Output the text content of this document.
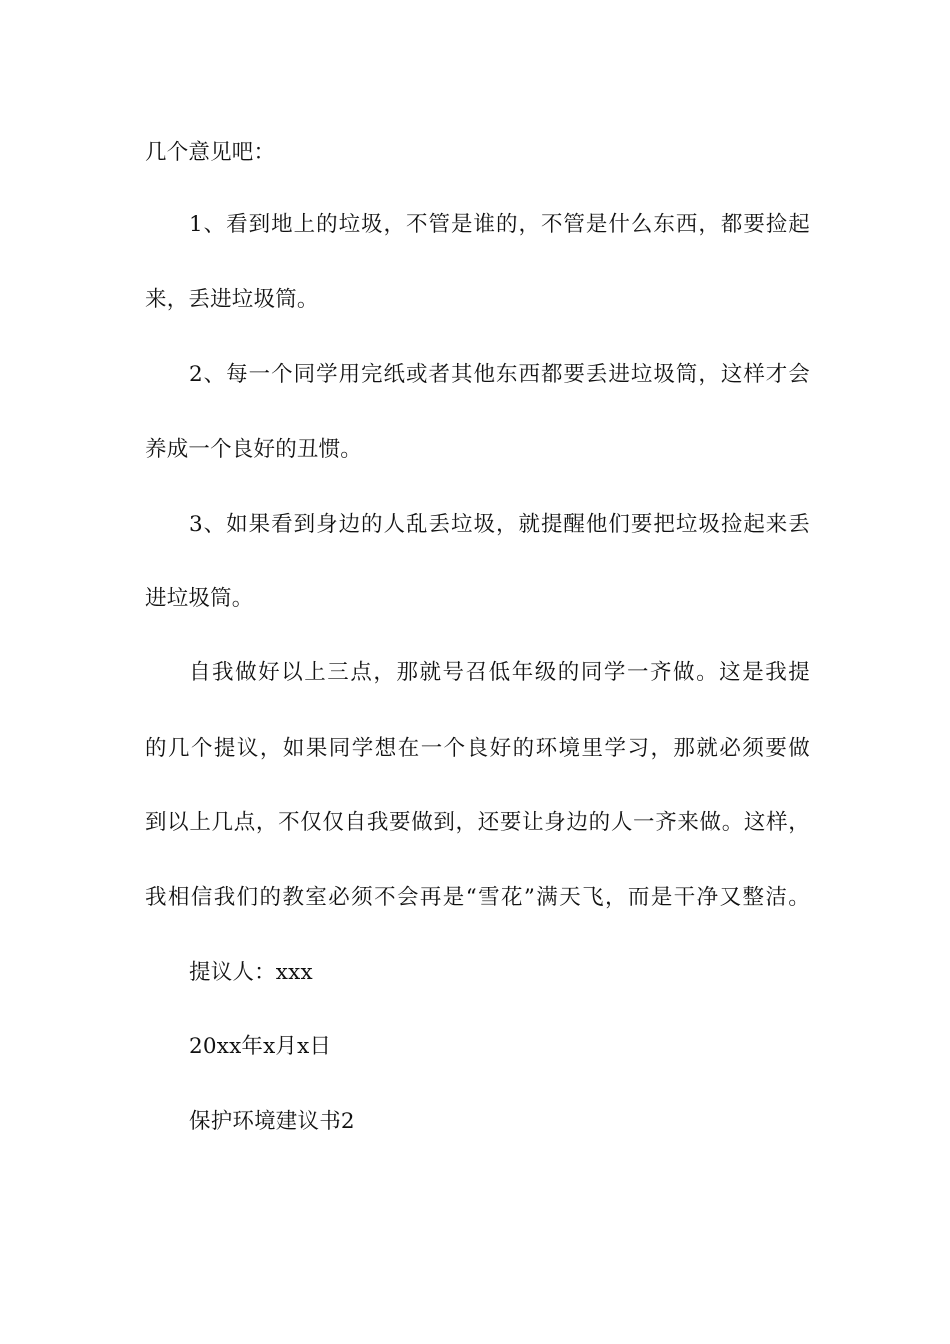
几个意见吧：

1、看到地上的垃圾，不管是谁的，不管是什么东西，都要捡起

来，丢进垃圾筒。

2、每一个同学用完纸或者其他东西都要丢进垃圾筒，这样才会

养成一个良好的丑惯。

3、如果看到身边的人乱丢垃圾，就提醒他们要把垃圾捡起来丢

进垃圾筒。

自我做好以上三点，那就号召低年级的同学一齐做。这是我提

的几个提议，如果同学想在一个良好的环境里学习，那就必须要做

到以上几点，不仅仅自我要做到，还要让身边的人一齐来做。这样，

我相信我们的教室必须不会再是“雪花”满天飞，而是干净又整洁。

提议人：xxx

20xx年x月x日

保护环境建议书2
